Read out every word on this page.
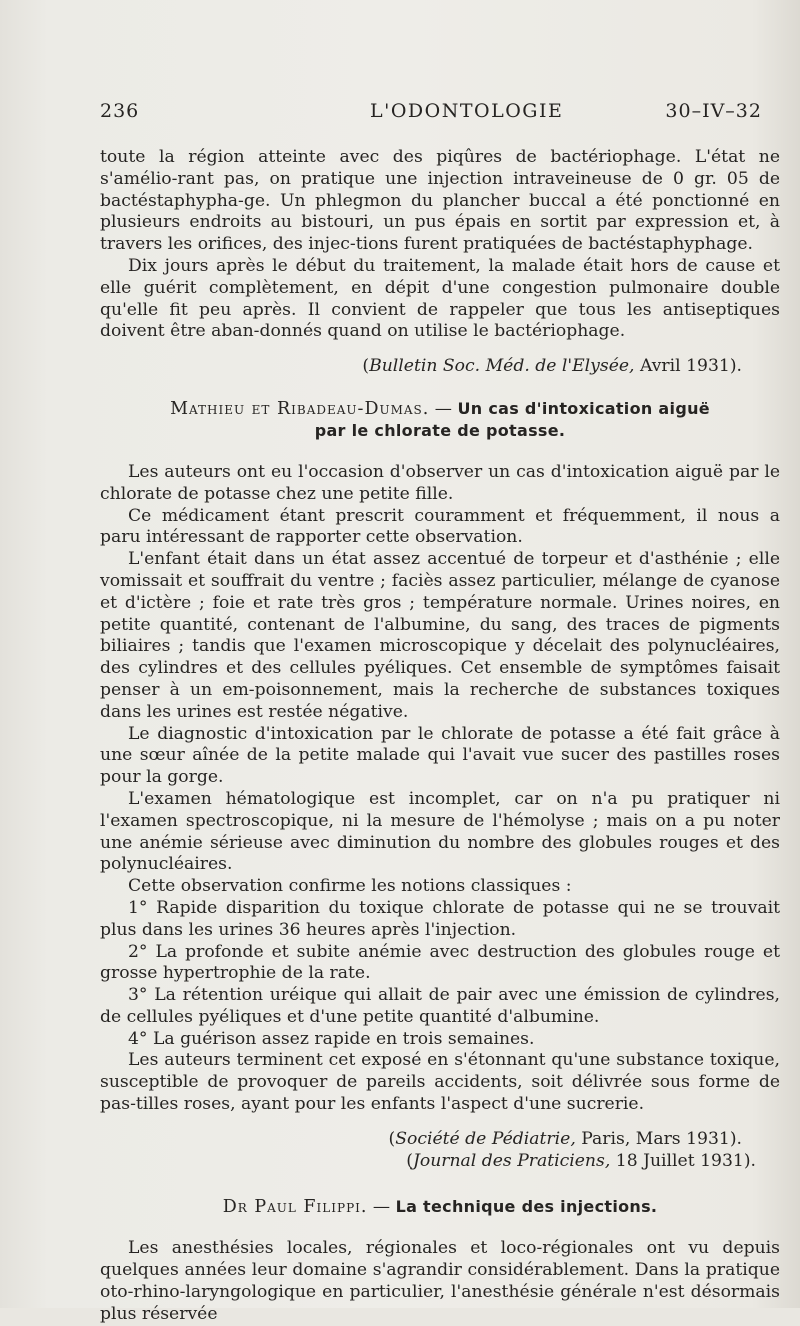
236	L'ODONTOLOGIE	30–IV–32

toute la région atteinte avec des piqûres de bactériophage. L'état ne s'amélio-rant pas, on pratique une injection intraveineuse de 0 gr. 05 de bactéstaphypha-ge. Un phlegmon du plancher buccal a été ponctionné en plusieurs endroits au bistouri, un pus épais en sortit par expression et, à travers les orifices, des injec-tions furent pratiquées de bactéstaphyphage.

Dix jours après le début du traitement, la malade était hors de cause et elle guérit complètement, en dépit d'une congestion pulmonaire double qu'elle fit peu après. Il convient de rappeler que tous les antiseptiques doivent être aban-donnés quand on utilise le bactériophage.

(Bulletin Soc. Méd. de l'Elysée, Avril 1931).

Mathieu et Ribadeau-Dumas. — Un cas d'intoxication aiguë
par le chlorate de potasse.

Les auteurs ont eu l'occasion d'observer un cas d'intoxication aiguë par le chlorate de potasse chez une petite fille.

Ce médicament étant prescrit couramment et fréquemment, il nous a paru intéressant de rapporter cette observation.

L'enfant était dans un état assez accentué de torpeur et d'asthénie ; elle vomissait et souffrait du ventre ; faciès assez particulier, mélange de cyanose et d'ictère ; foie et rate très gros ; température normale. Urines noires, en petite quantité, contenant de l'albumine, du sang, des traces de pigments biliaires ; tandis que l'examen microscopique y décelait des polynucléaires, des cylindres et des cellules pyéliques. Cet ensemble de symptômes faisait penser à un em-poisonnement, mais la recherche de substances toxiques dans les urines est restée négative.

Le diagnostic d'intoxication par le chlorate de potasse a été fait grâce à une sœur aînée de la petite malade qui l'avait vue sucer des pastilles roses pour la gorge.

L'examen hématologique est incomplet, car on n'a pu pratiquer ni l'examen spectroscopique, ni la mesure de l'hémolyse ; mais on a pu noter une anémie sérieuse avec diminution du nombre des globules rouges et des polynucléaires.

Cette observation confirme les notions classiques :

1° Rapide disparition du toxique chlorate de potasse qui ne se trouvait plus dans les urines 36 heures après l'injection.

2° La profonde et subite anémie avec destruction des globules rouge et grosse hypertrophie de la rate.

3° La rétention uréique qui allait de pair avec une émission de cylindres, de cellules pyéliques et d'une petite quantité d'albumine.

4° La guérison assez rapide en trois semaines.

Les auteurs terminent cet exposé en s'étonnant qu'une substance toxique, susceptible de provoquer de pareils accidents, soit délivrée sous forme de pas-tilles roses, ayant pour les enfants l'aspect d'une sucrerie.

(Société de Pédiatrie, Paris, Mars 1931).

(Journal des Praticiens, 18 Juillet 1931).

Dr Paul Filippi. — La technique des injections.

Les anesthésies locales, régionales et loco-régionales ont vu depuis quelques années leur domaine s'agrandir considérablement. Dans la pratique oto-rhino-laryngologique en particulier, l'anesthésie générale n'est désormais plus réservée
